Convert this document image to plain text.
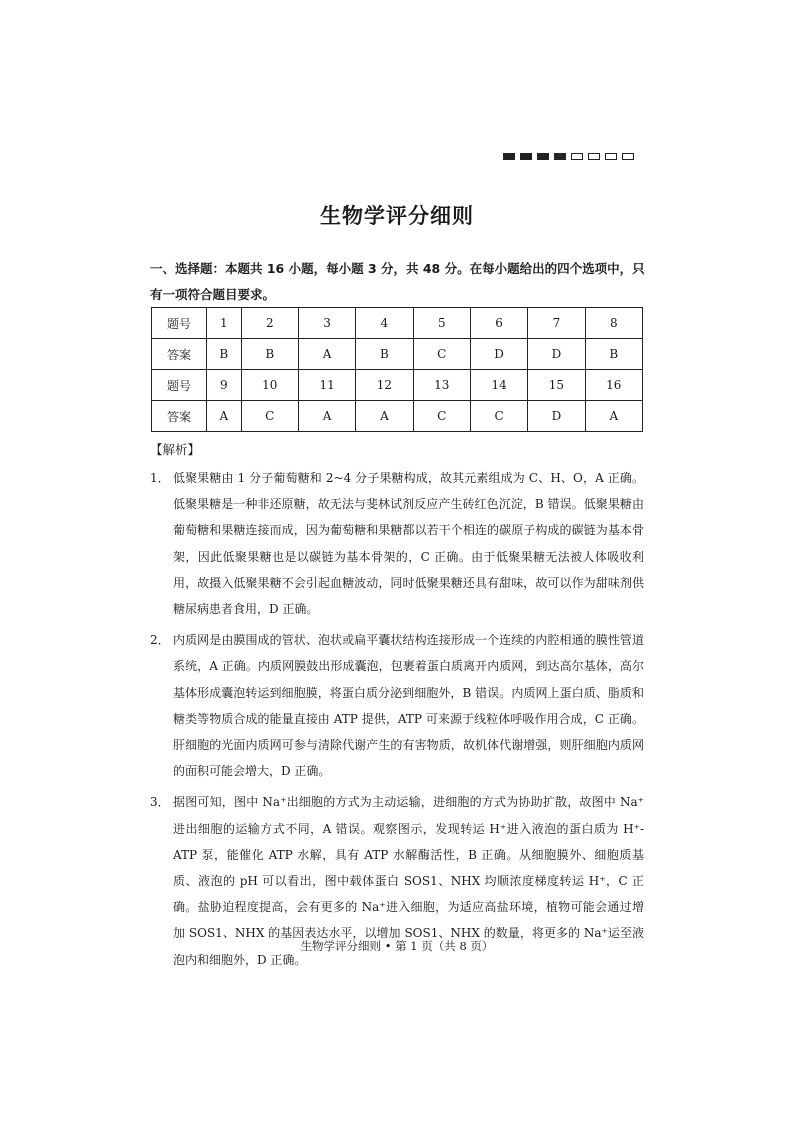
生物学评分细则
一、选择题：本题共 16 小题，每小题 3 分，共 48 分。在每小题给出的四个选项中，只有一项符合题目要求。
题号	1	2	3	4	5	6	7	8
答案	B	B	A	B	C	D	D	B
题号	9	10	11	12	13	14	15	16
答案	A	C	A	A	C	C	D	A
【解析】
1． 低聚果糖由 1 分子葡萄糖和 2~4 分子果糖构成，故其元素组成为 C、H、O，A 正确。低聚果糖是一种非还原糖，故无法与斐林试剂反应产生砖红色沉淀，B 错误。低聚果糖由葡萄糖和果糖连接而成，因为葡萄糖和果糖都以若干个相连的碳原子构成的碳链为基本骨架，因此低聚果糖也是以碳链为基本骨架的，C 正确。由于低聚果糖无法被人体吸收利用，故摄入低聚果糖不会引起血糖波动，同时低聚果糖还具有甜味，故可以作为甜味剂供糖尿病患者食用，D 正确。
2． 内质网是由膜围成的管状、泡状或扁平囊状结构连接形成一个连续的内腔相通的膜性管道系统，A 正确。内质网膜鼓出形成囊泡，包裹着蛋白质离开内质网，到达高尔基体，高尔基体形成囊泡转运到细胞膜，将蛋白质分泌到细胞外，B 错误。内质网上蛋白质、脂质和糖类等物质合成的能量直接由 ATP 提供，ATP 可来源于线粒体呼吸作用合成，C 正确。肝细胞的光面内质网可参与清除代谢产生的有害物质，故机体代谢增强，则肝细胞内质网的面积可能会增大，D 正确。
3． 据图可知，图中 Na⁺出细胞的方式为主动运输，进细胞的方式为协助扩散，故图中 Na⁺进出细胞的运输方式不同，A 错误。观察图示，发现转运 H⁺进入液泡的蛋白质为 H⁺-ATP 泵，能催化 ATP 水解，具有 ATP 水解酶活性，B 正确。从细胞膜外、细胞质基质、液泡的 pH 可以看出，图中载体蛋白 SOS1、NHX 均顺浓度梯度转运 H⁺，C 正确。盐胁迫程度提高，会有更多的 Na⁺进入细胞，为适应高盐环境，植物可能会通过增加 SOS1、NHX 的基因表达水平，以增加 SOS1、NHX 的数量，将更多的 Na⁺运至液泡内和细胞外，D 正确。
生物学评分细则 • 第 1 页（共 8 页）
